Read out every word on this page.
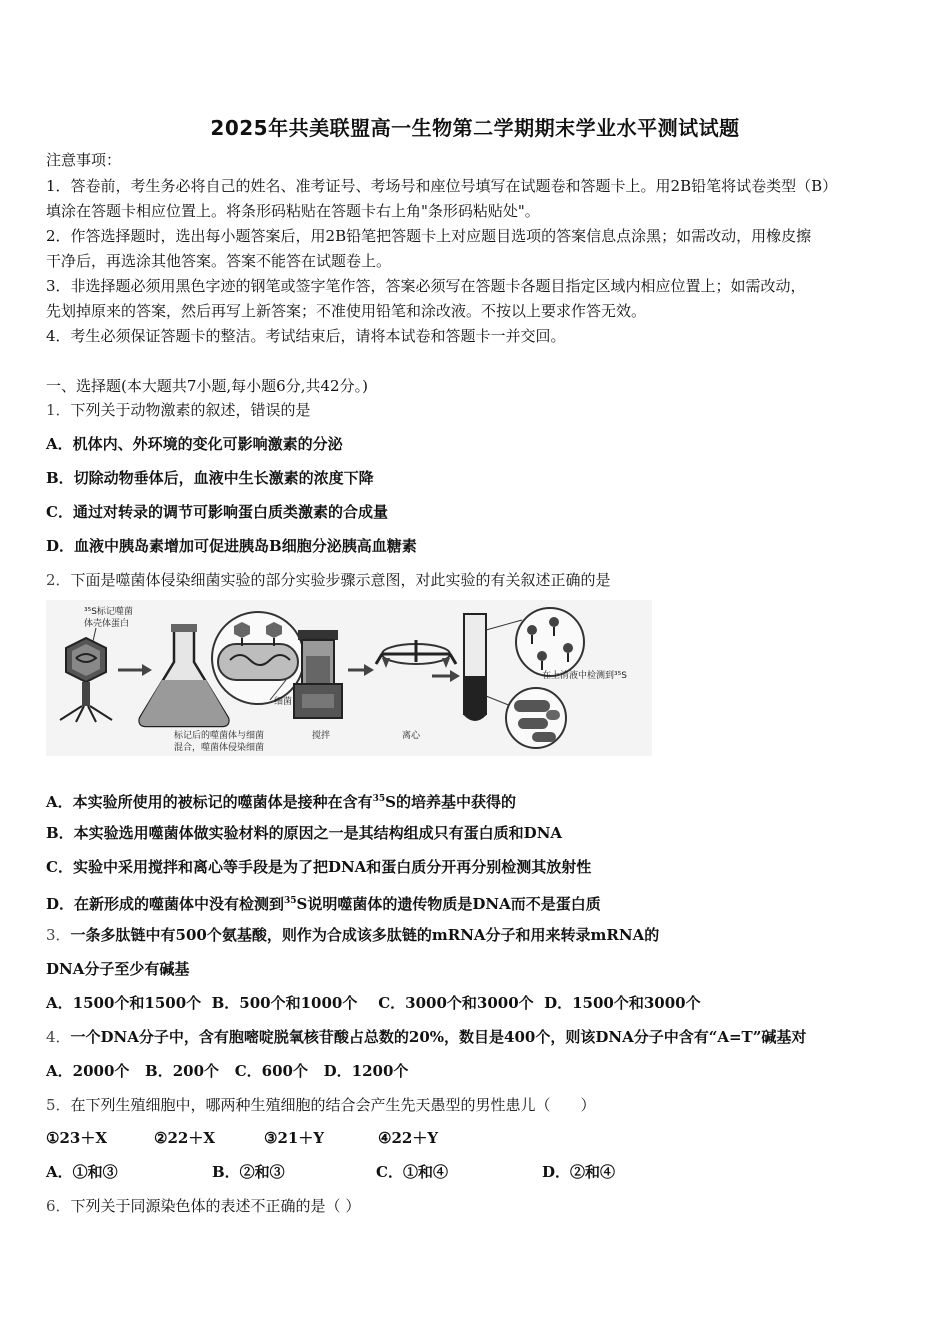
2025年共美联盟高一生物第二学期期末学业水平测试试题
注意事项：
1．答卷前，考生务必将自己的姓名、准考证号、考场号和座位号填写在试题卷和答题卡上。用2B铅笔将试卷类型（B）
填涂在答题卡相应位置上。将条形码粘贴在答题卡右上角"条形码粘贴处"。
2．作答选择题时，选出每小题答案后，用2B铅笔把答题卡上对应题目选项的答案信息点涂黑；如需改动，用橡皮擦
干净后，再选涂其他答案。答案不能答在试题卷上。
3．非选择题必须用黑色字迹的钢笔或签字笔作答，答案必须写在答题卡各题目指定区域内相应位置上；如需改动，
先划掉原来的答案，然后再写上新答案；不准使用铅笔和涂改液。不按以上要求作答无效。
4．考生必须保证答题卡的整洁。考试结束后，请将本试卷和答题卡一并交回。
一、选择题(本大题共7小题,每小题6分,共42分。)
1．下列关于动物激素的叙述，错误的是
A．机体内、外环境的变化可影响激素的分泌
B．切除动物垂体后，血液中生长激素的浓度下降
C．通过对转录的调节可影响蛋白质类激素的合成量
D．血液中胰岛素增加可促进胰岛B细胞分泌胰高血糖素
2．下面是噬菌体侵染细菌实验的部分实验步骤示意图，对此实验的有关叙述正确的是
³⁵S标记噬菌
体壳体蛋白
细菌
标记后的噬菌体与细菌
混合，噬菌体侵染细菌
搅拌	离心
在上清液中检测到³⁵S
A．本实验所使用的被标记的噬菌体是接种在含有$^{35}$S的培养基中获得的
B．本实验选用噬菌体做实验材料的原因之一是其结构组成只有蛋白质和DNA
C．实验中采用搅拌和离心等手段是为了把DNA和蛋白质分开再分别检测其放射性
D．在新形成的噬菌体中没有检测到$^{35}$S说明噬菌体的遗传物质是DNA而不是蛋白质
3．一条多肽链中有500个氨基酸，则作为合成该多肽链的mRNA分子和用来转录mRNA的
DNA分子至少有碱基
A．1500个和1500个  B．500个和1000个    C．3000个和3000个  D．1500个和3000个
4．一个DNA分子中，含有胞嘧啶脱氧核苷酸占总数的20%，数目是400个，则该DNA分子中含有“A=T”碱基对
A．2000个   B．200个   C．600个   D．1200个
5．在下列生殖细胞中，哪两种生殖细胞的结合会产生先天愚型的男性患儿（　　）
①23＋X	②22＋X	③21＋Y	④22＋Y
A．①和③	B．②和③	C．①和④	D．②和④
6．下列关于同源染色体的表述不正确的是（ ）
